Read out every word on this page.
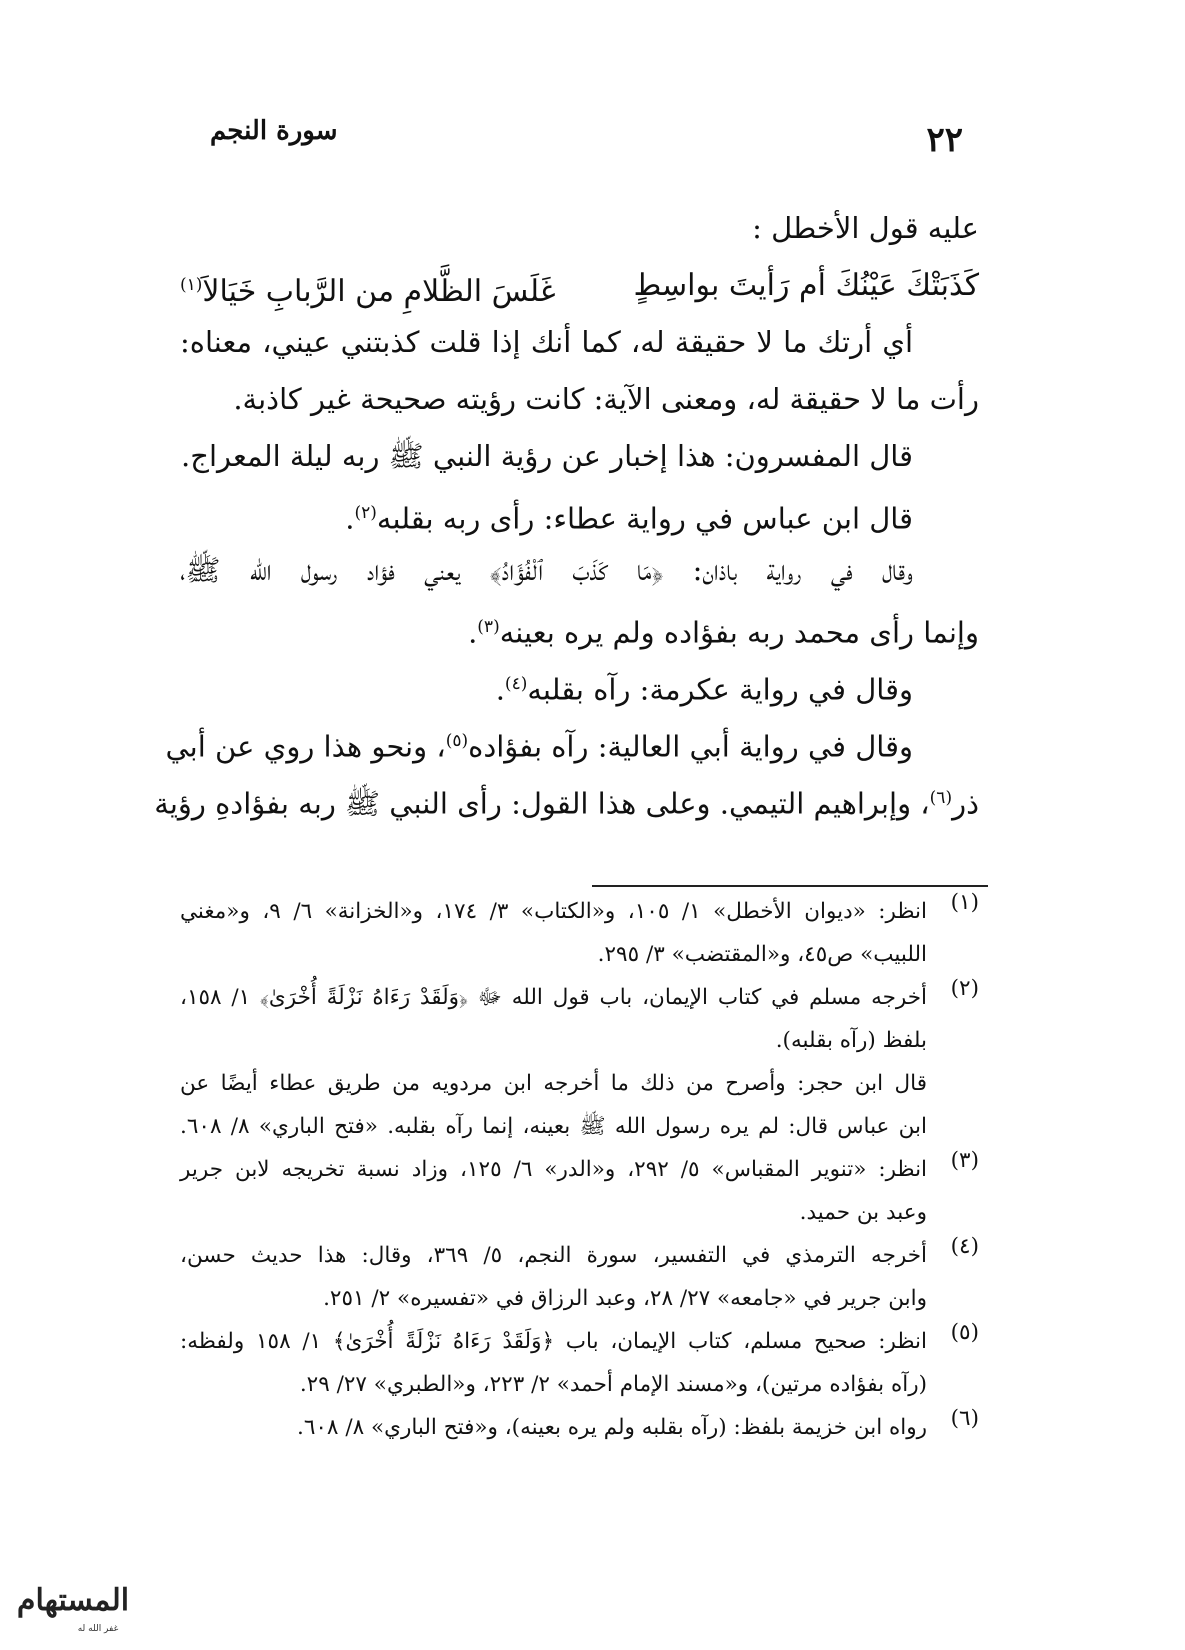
٢٢
سورة النجم
عليه قول الأخطل :
كَذَبَتْكَ عَيْنُكَ أم رَأيتَ بواسِطٍ
غَلَسَ الظَّلامِ من الرَّبابِ خَيَالاَ$^{(١)}$
أي أرتك ما لا حقيقة له، كما أنك إذا قلت كذبتني عيني، معناه:
رأت ما لا حقيقة له، ومعنى الآية: كانت رؤيته صحيحة غير كاذبة.
قال المفسرون: هذا إخبار عن رؤية النبي ﷺ ربه ليلة المعراج.
قال ابن عباس في رواية عطاء: رأى ربه بقلبه$^{(٢)}$.
وقال في رواية باذان: ﴿مَا كَذَبَ ٱلْفُؤَادُ﴾ يعني فؤاد رسول الله ﷺ،
وإنما رأى محمد ربه بفؤاده ولم يره بعينه$^{(٣)}$.
وقال في رواية عكرمة: رآه بقلبه$^{(٤)}$.
وقال في رواية أبي العالية: رآه بفؤاده$^{(٥)}$، ونحو هذا روي عن أبي
ذر$^{(٦)}$، وإبراهيم التيمي. وعلى هذا القول: رأى النبي ﷺ ربه بفؤادهِ رؤية
(١)
انظر: «ديوان الأخطل» ١/ ١٠٥، و«الكتاب» ٣/ ١٧٤، و«الخزانة» ٦/ ٩، و«مغني
اللبيب» ص٤٥، و«المقتضب» ٣/ ٢٩٥.
(٢)
أخرجه مسلم في كتاب الإيمان، باب قول الله ﷻ ﴿وَلَقَدْ رَءَاهُ نَزْلَةً أُخْرَىٰ﴾ ١/ ١٥٨،
بلفظ (رآه بقلبه).
قال ابن حجر: وأصرح من ذلك ما أخرجه ابن مردويه من طريق عطاء أيضًا عن
ابن عباس قال: لم يره رسول الله ﷺ بعينه، إنما رآه بقلبه. «فتح الباري» ٨/ ٦٠٨.
(٣)
انظر: «تنوير المقباس» ٥/ ٢٩٢، و«الدر» ٦/ ١٢٥، وزاد نسبة تخريجه لابن جرير
وعبد بن حميد.
(٤)
أخرجه الترمذي في التفسير، سورة النجم، ٥/ ٣٦٩، وقال: هذا حديث حسن،
وابن جرير في «جامعه» ٢٧/ ٢٨، وعبد الرزاق في «تفسيره» ٢/ ٢٥١.
(٥)
انظر: صحيح مسلم، كتاب الإيمان، باب ﴿وَلَقَدْ رَءَاهُ نَزْلَةً أُخْرَىٰ﴾ ١/ ١٥٨ ولفظه:
(رآه بفؤاده مرتين)، و«مسند الإمام أحمد» ٢/ ٢٢٣، و«الطبري» ٢٧/ ٢٩.
(٦)
رواه ابن خزيمة بلفظ: (رآه بقلبه ولم يره بعينه)، و«فتح الباري» ٨/ ٦٠٨.
المستهام
غفر الله له
